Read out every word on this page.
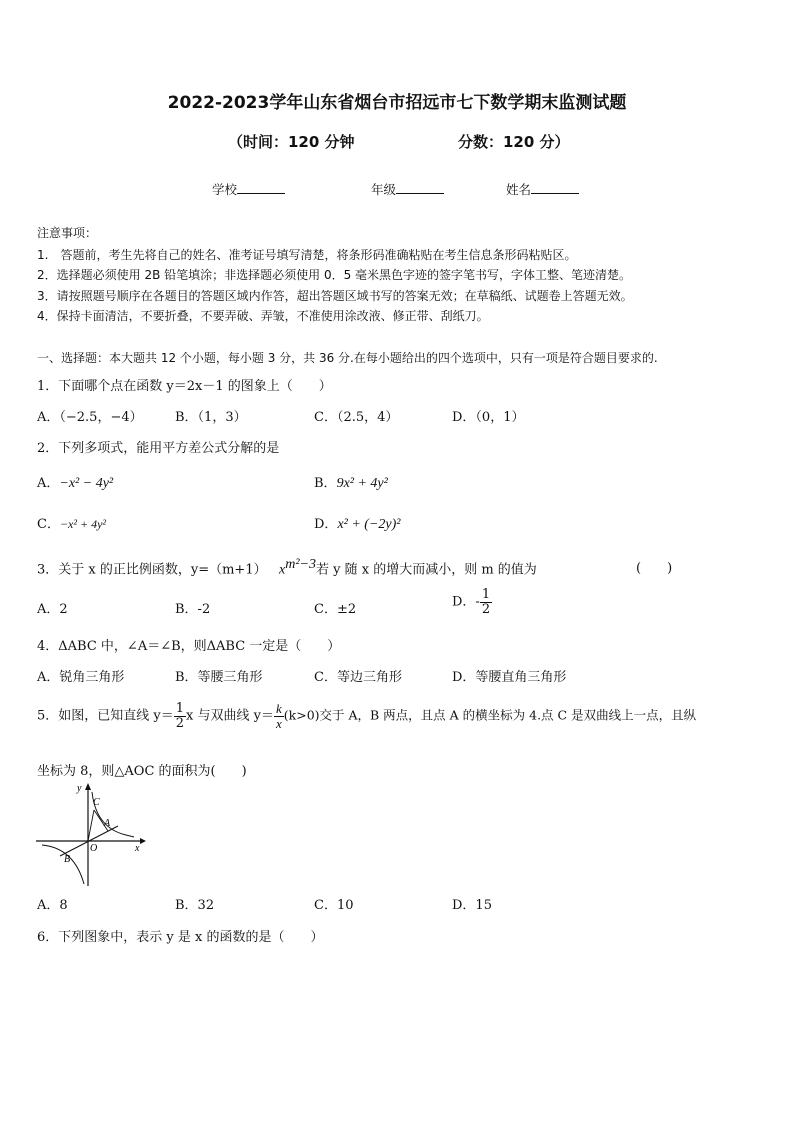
2022-2023学年山东省烟台市招远市七下数学期末监测试题
（时间：120 分钟	分数：120 分）
学校	年级	姓名
注意事项：
1.　答题前，考生先将自己的姓名、准考证号填写清楚，将条形码准确粘贴在考生信息条形码粘贴区。
2．选择题必须使用 2B 铅笔填涂；非选择题必须使用 0．5 毫米黑色字迹的签字笔书写，字体工整、笔迹清楚。
3．请按照题号顺序在各题目的答题区域内作答，超出答题区域书写的答案无效；在草稿纸、试题卷上答题无效。
4．保持卡面清洁，不要折叠，不要弄破、弄皱，不准使用涂改液、修正带、刮纸刀。
一、选择题：本大题共 12 个小题，每小题 3 分，共 36 分.在每小题给出的四个选项中，只有一项是符合题目要求的.
1．下面哪个点在函数 y＝2x－1 的图象上（　　）
A．（−2.5，−4） B．（1，3）	C．（2.5，4）	D．（0，1）
2．下列多项式，能用平方差公式分解的是
A．−x² − 4y²	B．9x² + 4y²
C．−x² + 4y²	D．x² + (−2y)²
3．关于 x 的正比例函数，y=（m+1） $x^{m^2-3}$若 y 随 x 的增大而减小，则 m 的值为	(　　)
A．2	B．-2	C．±2	D．- $\frac{1}{2}$
4．ΔABC 中，∠A＝∠B，则ΔABC 一定是（　　）
A．锐角三角形	B．等腰三角形	C．等边三角形	D．等腰直角三角形
5．如图，已知直线 $y= \frac{1}{2}$ x 与双曲线 $y= \frac{k}{x} (k>0)$交于 A，B 两点，且点 A 的横坐标为 4.点 C 是双曲线上一点，且纵
坐标为 8，则△AOC 的面积为(　　)
y
x
O
A
B
C
A．8	B．32	C．10	D．15
6．下列图象中，表示 y 是 x 的函数的是（　　）
